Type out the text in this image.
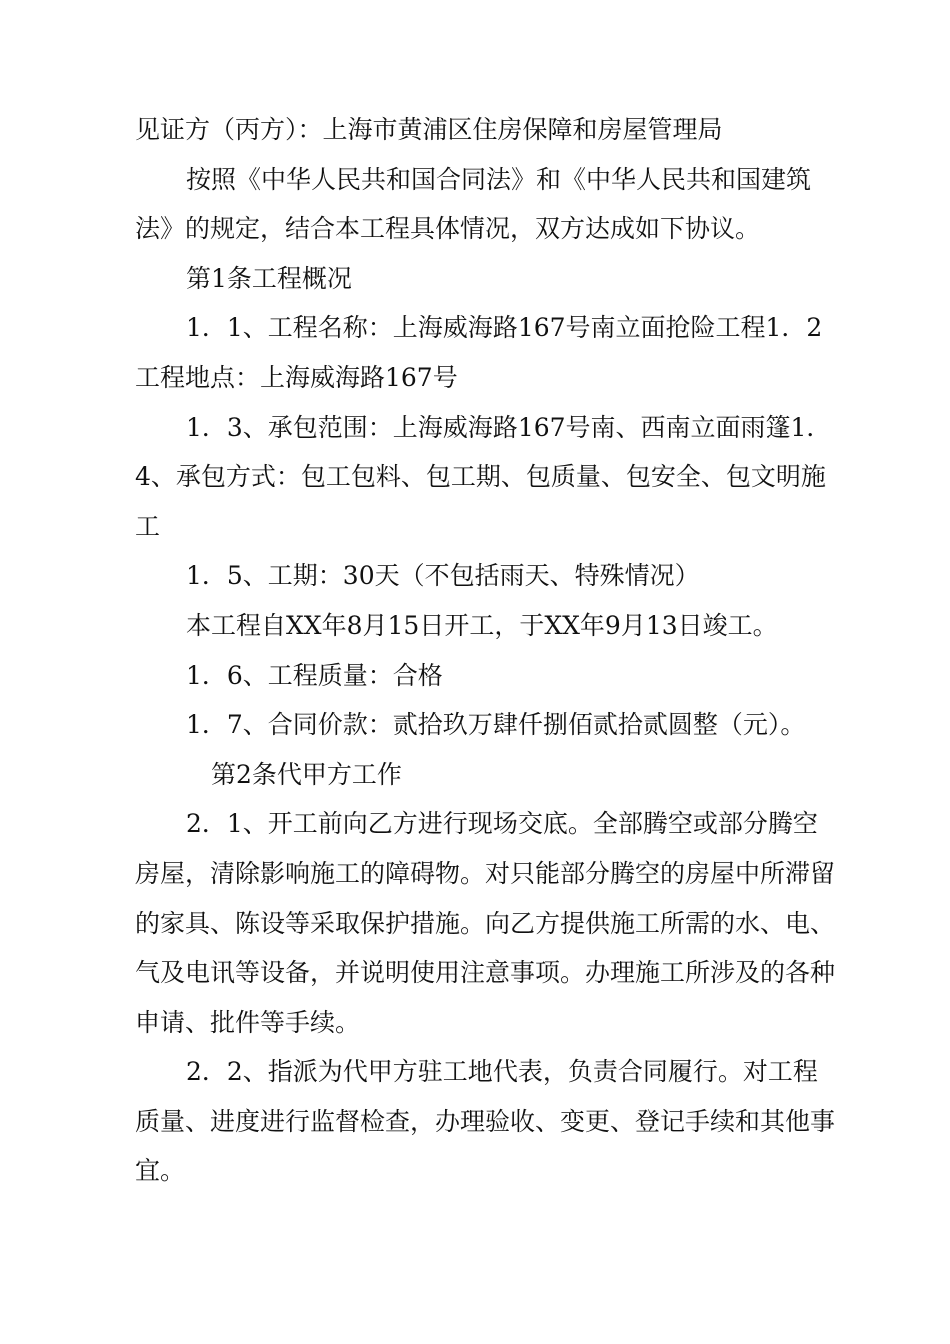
见证方（丙方）：上海市黄浦区住房保障和房屋管理局

按照《中华人民共和国合同法》和《中华人民共和国建筑法》的规定，结合本工程具体情况，双方达成如下协议。

第1条工程概况

1．1、工程名称：上海威海路167号南立面抢险工程1．2工程地点：上海威海路167号

1．3、承包范围：上海威海路167号南、西南立面雨篷1．4、承包方式：包工包料、包工期、包质量、包安全、包文明施工

1．5、工期：30天（不包括雨天、特殊情况）

本工程自XX年8月15日开工，于XX年9月13日竣工。

1．6、工程质量：合格

1．7、合同价款：贰拾玖万肆仟捌佰贰拾贰圆整（元）。

第2条代甲方工作

2．1、开工前向乙方进行现场交底。全部腾空或部分腾空房屋，清除影响施工的障碍物。对只能部分腾空的房屋中所滞留的家具、陈设等采取保护措施。向乙方提供施工所需的水、电、气及电讯等设备，并说明使用注意事项。办理施工所涉及的各种申请、批件等手续。

2．2、指派为代甲方驻工地代表，负责合同履行。对工程质量、进度进行监督检查，办理验收、变更、登记手续和其他事宜。
